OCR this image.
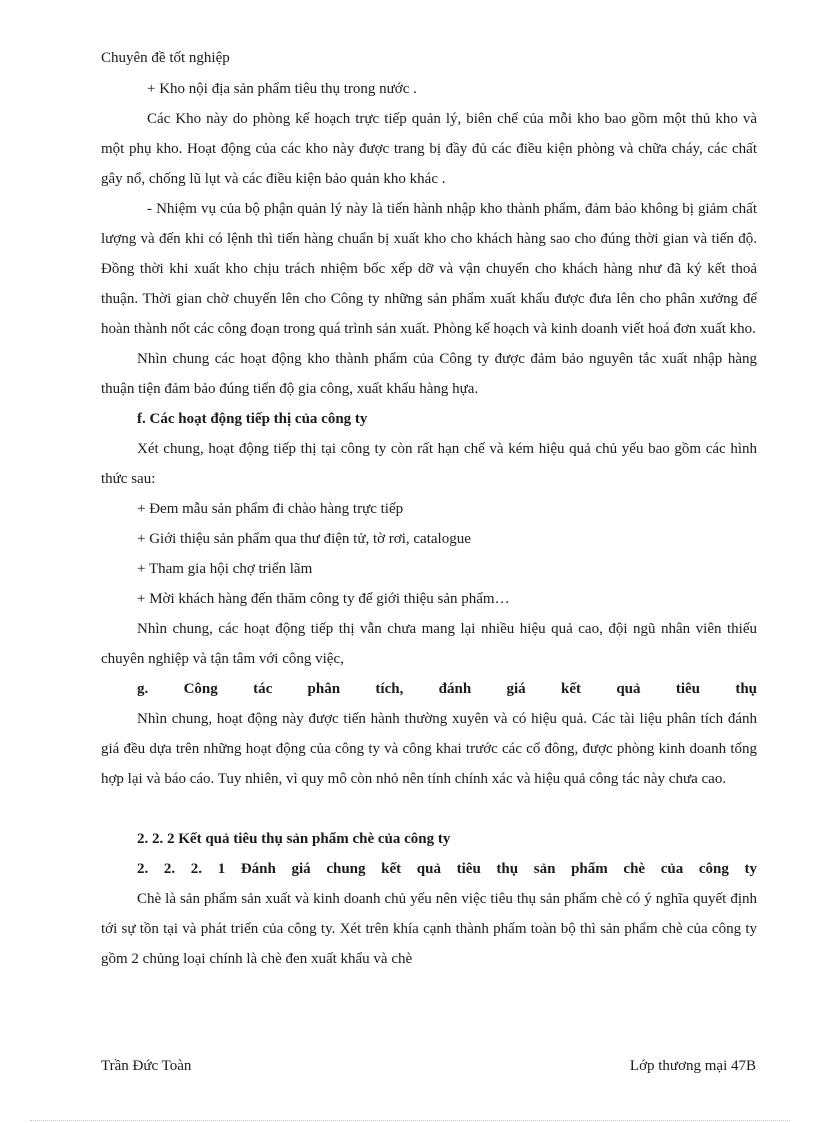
Chuyên đề tốt nghiệp

+ Kho nội địa sản phẩm tiêu thụ trong nước .

Các Kho này do phòng kế hoạch trực tiếp quản lý, biên chế của mỗi kho bao gồm một thủ kho và một phụ kho. Hoạt động của các kho này được trang bị đầy đủ các điều kiện phòng và chữa cháy, các chất gây nổ, chống lũ lụt và các điều kiện bảo quản kho khác .

- Nhiệm vụ của bộ phận quản lý này là tiến hành nhập kho thành phẩm, đảm bảo không bị giảm chất lượng và đến khi có lệnh thì tiến hàng chuẩn bị xuất kho cho khách hàng sao cho đúng thời gian và tiến độ. Đồng thời khi xuất kho chịu trách nhiệm bốc xếp dỡ và vận chuyển cho khách hàng như đã ký kết thoả thuận. Thời gian chờ chuyển lên cho Công ty những sản phẩm xuất khẩu được đưa lên cho phân xưởng để hoàn thành nốt các công đoạn trong quá trình sản xuất. Phòng kế hoạch và kinh doanh viết hoá đơn xuất kho.

Nhìn chung các hoạt động kho thành phẩm của Công ty được đảm bảo nguyên tắc xuất nhập hàng thuận tiện đảm bảo đúng tiến độ gia công, xuất khẩu hàng hựa.

f. Các hoạt động tiếp thị của công ty

Xét chung, hoạt động tiếp thị tại công ty còn rất hạn chế và kém hiệu quả chủ yếu bao gồm các hình thức sau:

+ Đem mẫu sản phẩm đi chào hàng trực tiếp

+ Giới thiệu sản phẩm qua thư điện tử, tờ rơi, catalogue

+ Tham gia hội chợ triển lãm

+ Mời khách hàng đến thăm công ty để giới thiệu sản phẩm…

Nhìn chung, các hoạt động tiếp thị vẫn chưa mang lại nhiều hiệu quả cao, đội ngũ nhân viên thiếu chuyên nghiệp và tận tâm với công việc,

g. Công tác phân tích, đánh giá kết quả tiêu thụ

Nhìn chung, hoạt động này được tiến hành thường xuyên và có hiệu quả. Các tài liệu phân tích đánh giá đều dựa trên những hoạt động của công ty và công khai trước các cổ đông, được phòng kinh doanh tổng hợp lại và báo cáo. Tuy nhiên, vì quy mô còn nhỏ nên tính chính xác và hiệu quả công tác này chưa cao.

2. 2. 2 Kết quả tiêu thụ sản phẩm chè của công ty

2. 2. 2. 1 Đánh giá chung kết quả tiêu thụ sản phẩm chè của công ty

Chè là sản phẩm sản xuất và kinh doanh chủ yếu nên việc tiêu thụ sản phẩm chè có ý nghĩa quyết định tới sự tồn tại và phát triển của công ty. Xét trên khía cạnh thành phẩm toàn bộ thì sản phẩm chè của công ty gồm 2 chủng loại chính là chè đen xuất khẩu và chè

Trần Đức Toàn	Lớp thương mại 47B
